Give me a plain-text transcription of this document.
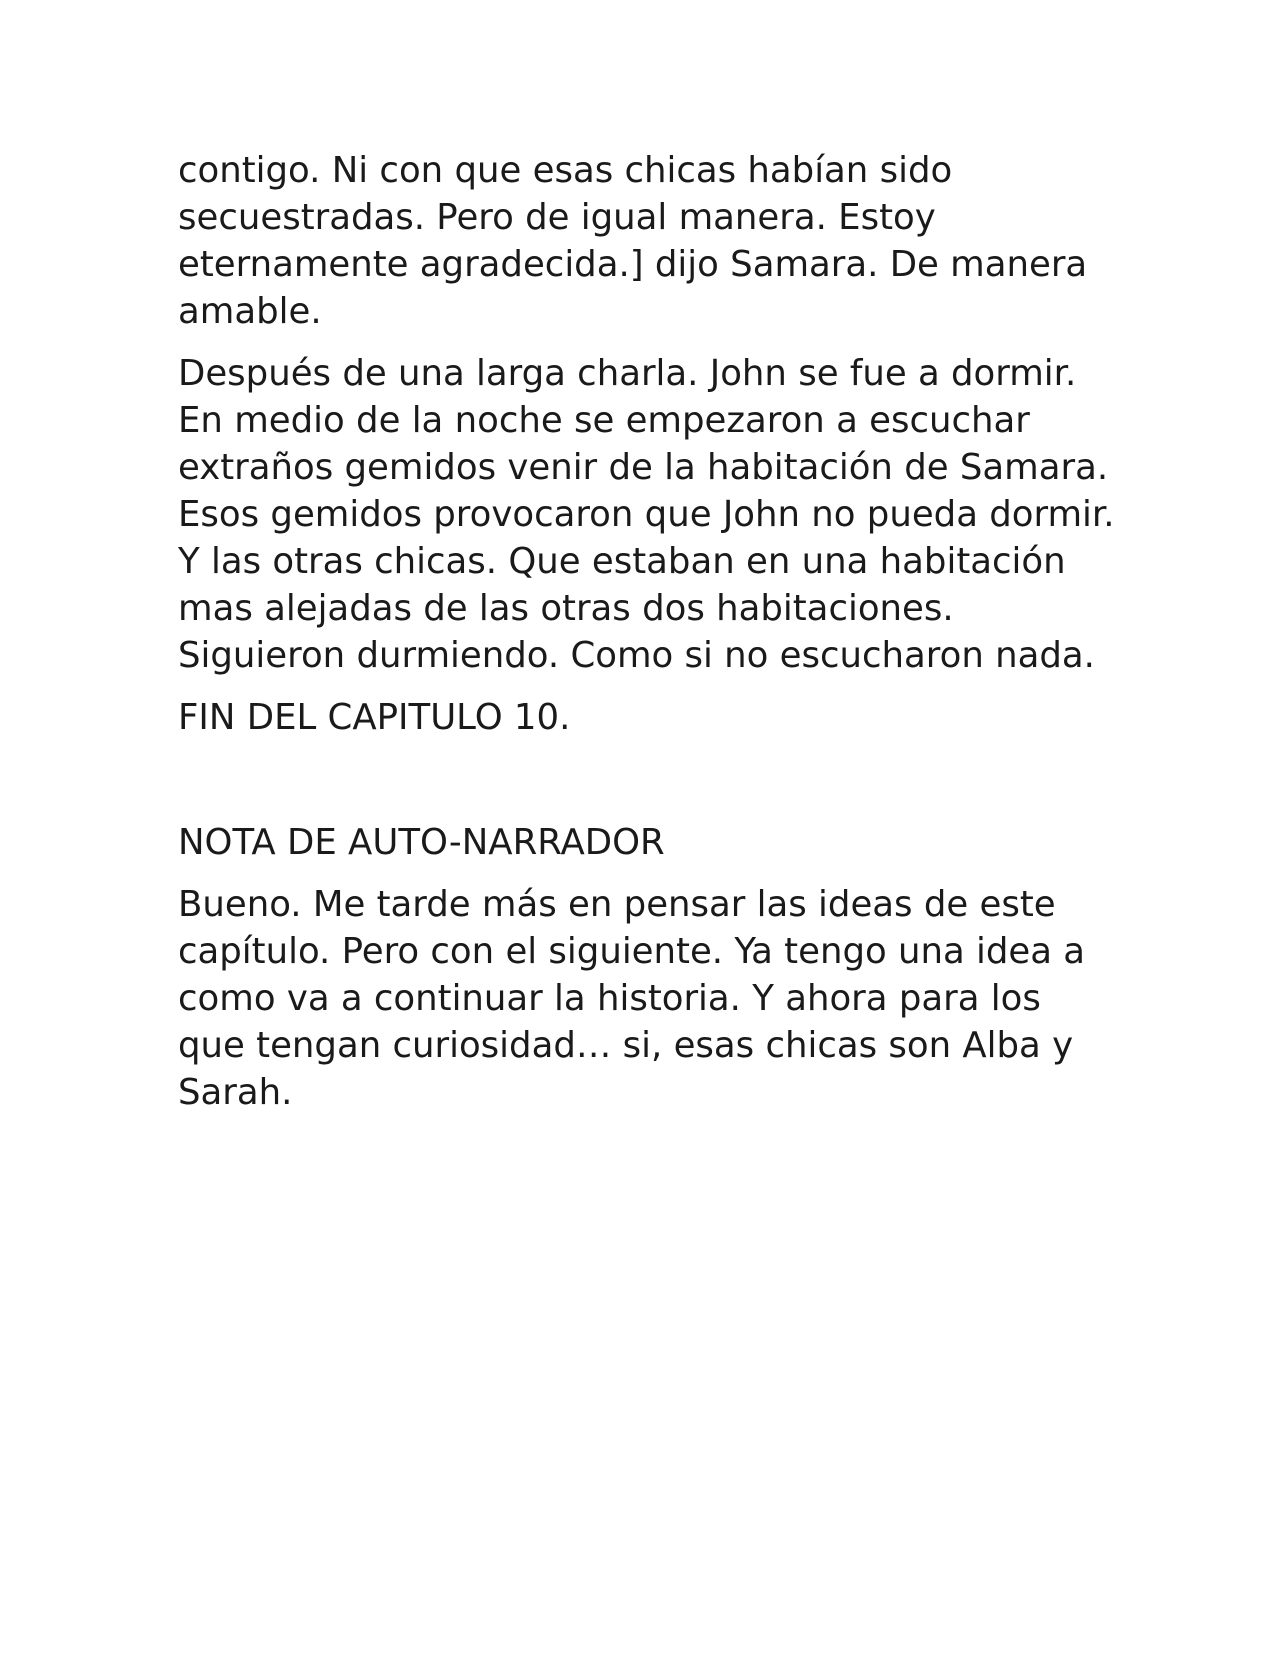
contigo. Ni con que esas chicas habían sido secuestradas. Pero de igual manera. Estoy eternamente agradecida.] dijo Samara. De manera amable.

Después de una larga charla. John se fue a dormir. En medio de la noche se empezaron a escuchar extraños gemidos venir de la habitación de Samara. Esos gemidos provocaron que John no pueda dormir. Y las otras chicas. Que estaban en una habitación mas alejadas de las otras dos habitaciones. Siguieron durmiendo. Como si no escucharon nada.

FIN DEL CAPITULO 10.

NOTA DE AUTO-NARRADOR

Bueno. Me tarde más en pensar las ideas de este capítulo. Pero con el siguiente. Ya tengo una idea a como va a continuar la historia. Y ahora para los que tengan curiosidad… si, esas chicas son Alba y Sarah.
